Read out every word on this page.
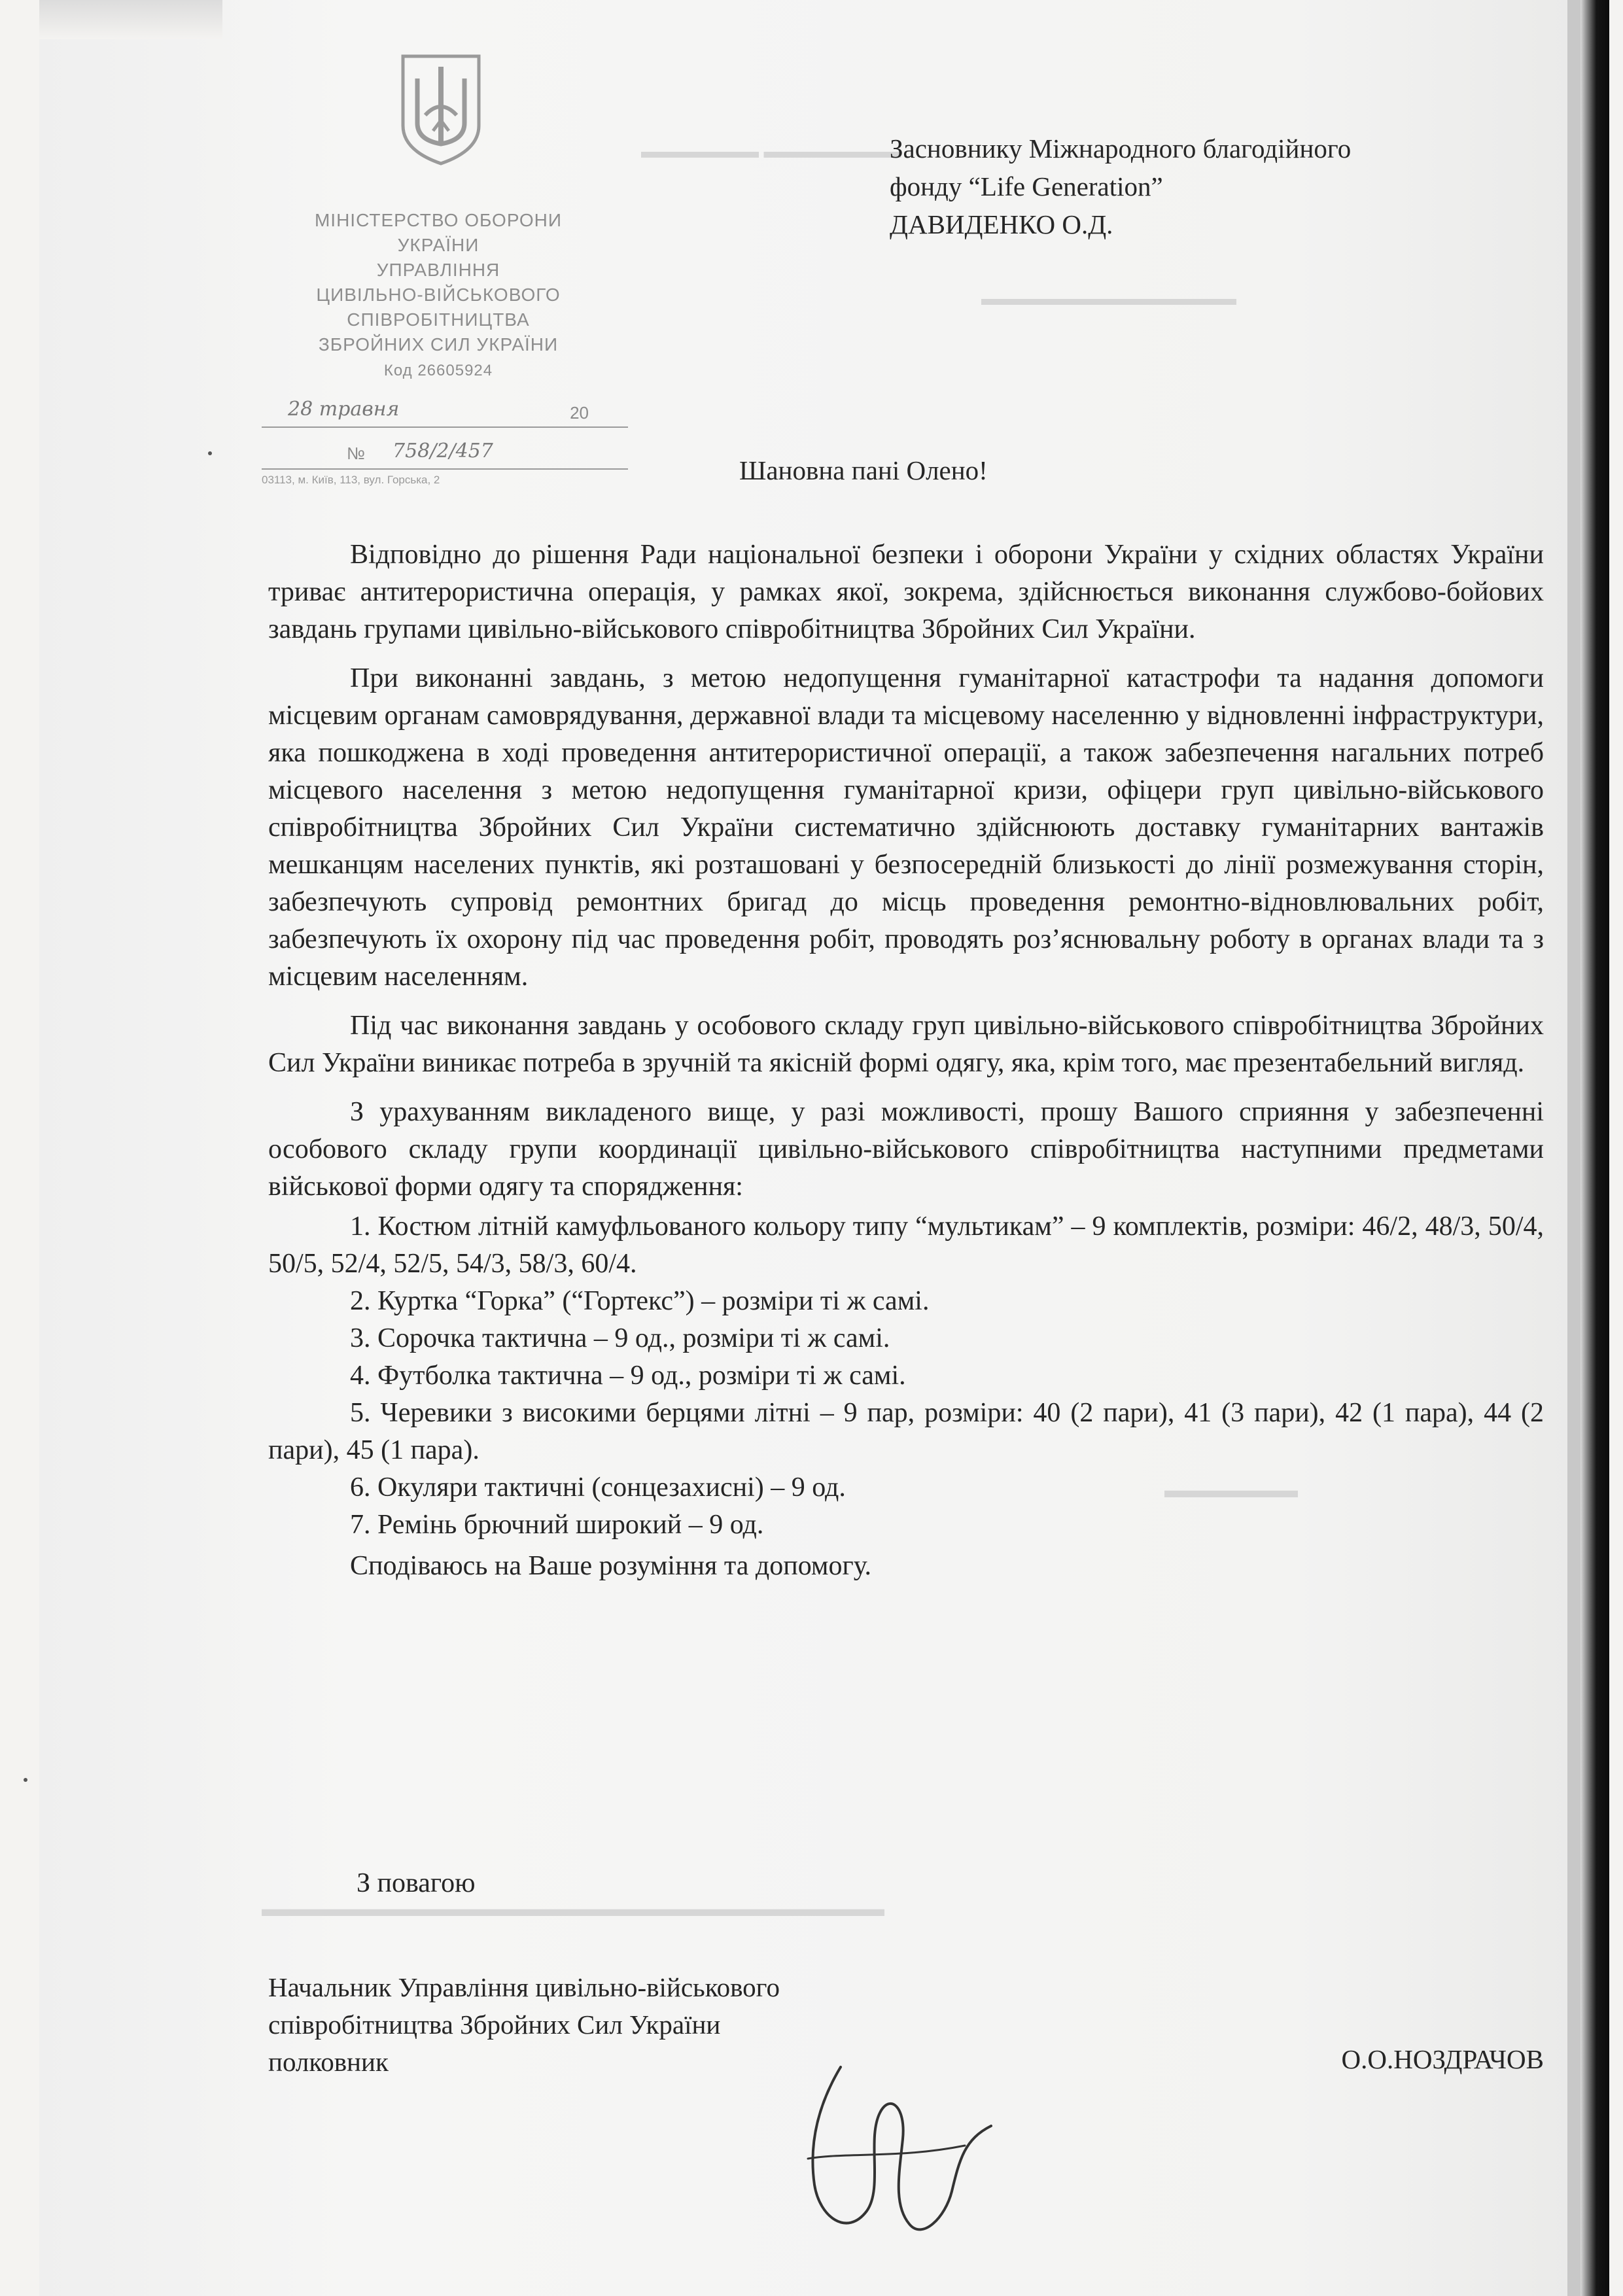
▬▬▬▬▬▬ ▬▬▬▬▬▬▬
▬▬▬▬▬▬▬▬▬▬▬▬▬
▬▬▬▬▬▬
▬▬▬▬▬▬▬▬▬▬▬▬▬▬▬▬▬▬▬▬▬▬▬▬▬▬▬▬
МІНІСТЕРСТВО ОБОРОНИ
УКРАЇНИ
УПРАВЛІННЯ
ЦИВІЛЬНО-ВІЙСЬКОВОГО
СПІВРОБІТНИЦТВА
ЗБРОЙНИХ СИЛ УКРАЇНИ
Код 26605924
28 травня	20
№ 758/2/457
03113, м. Київ, 113, вул. Горська, 2
Засновнику Міжнародного благодійного
фонду “Life Generation”
ДАВИДЕНКО О.Д.
Шановна пані Олено!

Відповідно до рішення Ради національної безпеки і оборони України у східних областях України триває антитерористична операція, у рамках якої, зокрема, здійснюється виконання службово-бойових завдань групами цивільно-військового співробітництва Збройних Сил України.

При виконанні завдань, з метою недопущення гуманітарної катастрофи та надання допомоги місцевим органам самоврядування, державної влади та місцевому населенню у відновленні інфраструктури, яка пошкоджена в ході проведення антитерористичної операції, а також забезпечення нагальних потреб місцевого населення з метою недопущення гуманітарної кризи, офіцери груп цивільно-військового співробітництва Збройних Сил України систематично здійснюють доставку гуманітарних вантажів мешканцям населених пунктів, які розташовані у безпосередній близькості до лінії розмежування сторін, забезпечують супровід ремонтних бригад до місць проведення ремонтно-відновлювальних робіт, забезпечують їх охорону під час проведення робіт, проводять роз’яснювальну роботу в органах влади та з місцевим населенням.

Під час виконання завдань у особового складу груп цивільно-військового співробітництва Збройних Сил України виникає потреба в зручній та якісній формі одягу, яка, крім того, має презентабельний вигляд.

З урахуванням викладеного вище, у разі можливості, прошу Вашого сприяння у забезпеченні особового складу групи координації цивільно-військового співробітництва наступними предметами військової форми одягу та спорядження:

1. Костюм літній камуфльованого кольору типу “мультикам” – 9 комплектів, розміри: 46/2, 48/3, 50/4, 50/5, 52/4, 52/5, 54/3, 58/3, 60/4.
2. Куртка “Горка” (“Гортекс”) – розміри ті ж самі.
3. Сорочка тактична – 9 од., розміри ті ж самі.
4. Футболка тактична – 9 од., розміри ті ж самі.
5. Черевики з високими берцями літні – 9 пар, розміри: 40 (2 пари), 41 (3 пари), 42 (1 пара), 44 (2 пари), 45 (1 пара).
6. Окуляри тактичні (сонцезахисні) – 9 од.
7. Ремінь брючний широкий – 9 од.
Сподіваюсь на Ваше розуміння та допомогу.
З повагою
Начальник Управління цивільно-військового
співробітництва Збройних Сил України
полковник	О.О.НОЗДРАЧОВ
